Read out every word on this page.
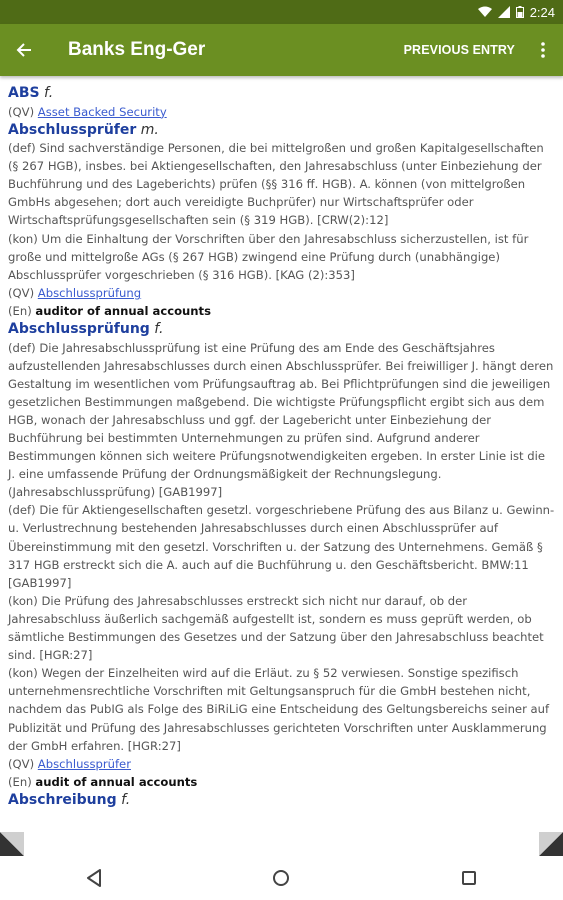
2:24
Banks Eng-Ger	PREVIOUS ENTRY
ABS f.
(QV) Asset Backed Security
Abschlussprüfer m.
(def) Sind sachverständige Personen, die bei mittelgroßen und großen Kapitalgesellschaften (§ 267 HGB), insbes. bei Aktiengesellschaften, den Jahresabschluss (unter Einbeziehung der Buchführung und des Lageberichts) prüfen (§§ 316 ff. HGB). A. können (von mittelgroßen GmbHs abgesehen; dort auch vereidigte Buchprüfer) nur Wirtschaftsprüfer oder Wirtschaftsprüfungsgesellschaften sein (§ 319 HGB). [CRW(2):12]
(kon) Um die Einhaltung der Vorschriften über den Jahresabschluss sicherzustellen, ist für große und mittelgroße AGs (§ 267 HGB) zwingend eine Prüfung durch (unabhängige) Abschlussprüfer vorgeschrieben (§ 316 HGB). [KAG (2):353]
(QV) Abschlussprüfung
(En) auditor of annual accounts
Abschlussprüfung f.
(def) Die Jahresabschlussprüfung ist eine Prüfung des am Ende des Geschäftsjahres aufzustellenden Jahresabschlusses durch einen Abschlussprüfer. Bei freiwilliger J. hängt deren Gestaltung im wesentlichen vom Prüfungsauftrag ab. Bei Pflichtprüfungen sind die jeweiligen gesetzlichen Bestimmungen maßgebend. Die wichtigste Prüfungspflicht ergibt sich aus dem HGB, wonach der Jahresabschluss und ggf. der Lagebericht unter Einbeziehung der Buchführung bei bestimmten Unternehmungen zu prüfen sind. Aufgrund anderer Bestimmungen können sich weitere Prüfungsnotwendigkeiten ergeben. In erster Linie ist die J. eine umfassende Prüfung der Ordnungsmäßigkeit der Rechnungslegung. (Jahresabschlussprüfung) [GAB1997]
(def) Die für Aktiengesellschaften gesetzl. vorgeschriebene Prüfung des aus Bilanz u. Gewinn- u. Verlustrechnung bestehenden Jahresabschlusses durch einen Abschlussprüfer auf Übereinstimmung mit den gesetzl. Vorschriften u. der Satzung des Unternehmens. Gemäß § 317 HGB erstreckt sich die A. auch auf die Buchführung u. den Geschäftsbericht. BMW:11 [GAB1997]
(kon) Die Prüfung des Jahresabschlusses erstreckt sich nicht nur darauf, ob der Jahresabschluss äußerlich sachgemäß aufgestellt ist, sondern es muss geprüft werden, ob sämtliche Bestimmungen des Gesetzes und der Satzung über den Jahresabschluss beachtet sind. [HGR:27]
(kon) Wegen der Einzelheiten wird auf die Erläut. zu § 52 verwiesen. Sonstige spezifisch unternehmensrechtliche Vorschriften mit Geltungsanspruch für die GmbH bestehen nicht, nachdem das PubIG als Folge des BiRiLiG eine Entscheidung des Geltungsbereichs seiner auf Publizität und Prüfung des Jahresabschlusses gerichteten Vorschriften unter Ausklammerung der GmbH erfahren. [HGR:27]
(QV) Abschlussprüfer
(En) audit of annual accounts
Abschreibung f.
